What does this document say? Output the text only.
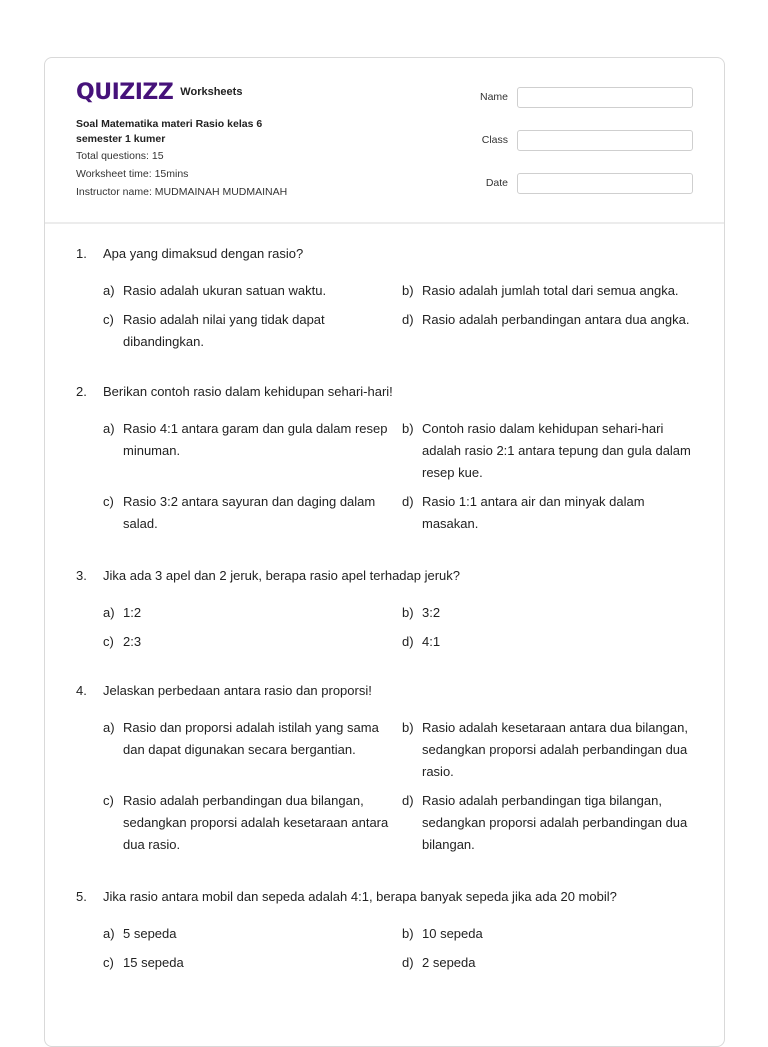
QUIZIZZ Worksheets
Soal Matematika materi Rasio kelas 6 semester 1 kumer
Total questions: 15
Worksheet time: 15mins
Instructor name: MUDMAINAH MUDMAINAH
Name
Class
Date
1.	Apa yang dimaksud dengan rasio?
a) Rasio adalah ukuran satuan waktu.	b) Rasio adalah jumlah total dari semua angka.
c) Rasio adalah nilai yang tidak dapat dibandingkan.
d) Rasio adalah perbandingan antara dua angka.
2.	Berikan contoh rasio dalam kehidupan sehari-hari!
a) Rasio 4:1 antara garam dan gula dalam resep minuman.
b) Contoh rasio dalam kehidupan sehari-hari adalah rasio 2:1 antara tepung dan gula dalam resep kue.
c) Rasio 3:2 antara sayuran dan daging dalam salad.
d) Rasio 1:1 antara air dan minyak dalam masakan.
3.	Jika ada 3 apel dan 2 jeruk, berapa rasio apel terhadap jeruk?
a) 1:2	b) 3:2
c) 2:3	d) 4:1
4.	Jelaskan perbedaan antara rasio dan proporsi!
a) Rasio dan proporsi adalah istilah yang sama dan dapat digunakan secara bergantian.
b) Rasio adalah kesetaraan antara dua bilangan, sedangkan proporsi adalah perbandingan dua rasio.
c) Rasio adalah perbandingan dua bilangan, sedangkan proporsi adalah kesetaraan antara dua rasio.
d) Rasio adalah perbandingan tiga bilangan, sedangkan proporsi adalah perbandingan dua bilangan.
5.	Jika rasio antara mobil dan sepeda adalah 4:1, berapa banyak sepeda jika ada 20 mobil?
a) 5 sepeda	b) 10 sepeda
c) 15 sepeda	d) 2 sepeda
